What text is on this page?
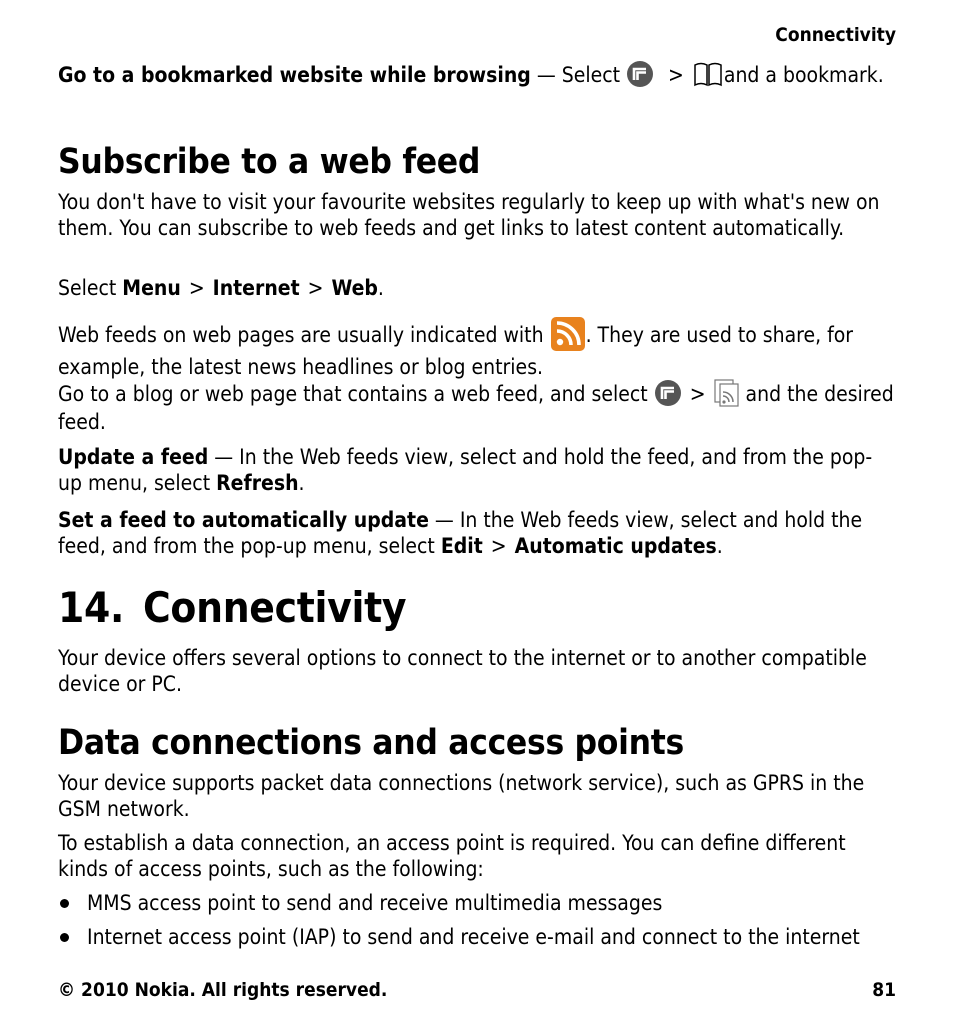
Connectivity

Go to a bookmarked website while browsing — Select
> and a bookmark.

Subscribe to a web feed

You don't have to visit your favourite websites regularly to keep up with what's new on them. You can subscribe to web feeds and get links to latest content automatically.

Select Menu > Internet > Web.

Web feeds on web pages are usually indicated with
. They are used to share, for example, the latest news headlines or blog entries.

Go to a blog or web page that contains a web feed, and select
>
and the desired feed.

Update a feed — In the Web feeds view, select and hold the feed, and from the pop-up menu, select Refresh.

Set a feed to automatically update — In the Web feeds view, select and hold the feed, and from the pop-up menu, select Edit > Automatic updates.

14. Connectivity

Your device offers several options to connect to the internet or to another compatible device or PC.

Data connections and access points

Your device supports packet data connections (network service), such as GPRS in the GSM network.

To establish a data connection, an access point is required. You can define different kinds of access points, such as the following:

MMS access point to send and receive multimedia messages
Internet access point (IAP) to send and receive e-mail and connect to the internet
© 2010 Nokia. All rights reserved.	81
